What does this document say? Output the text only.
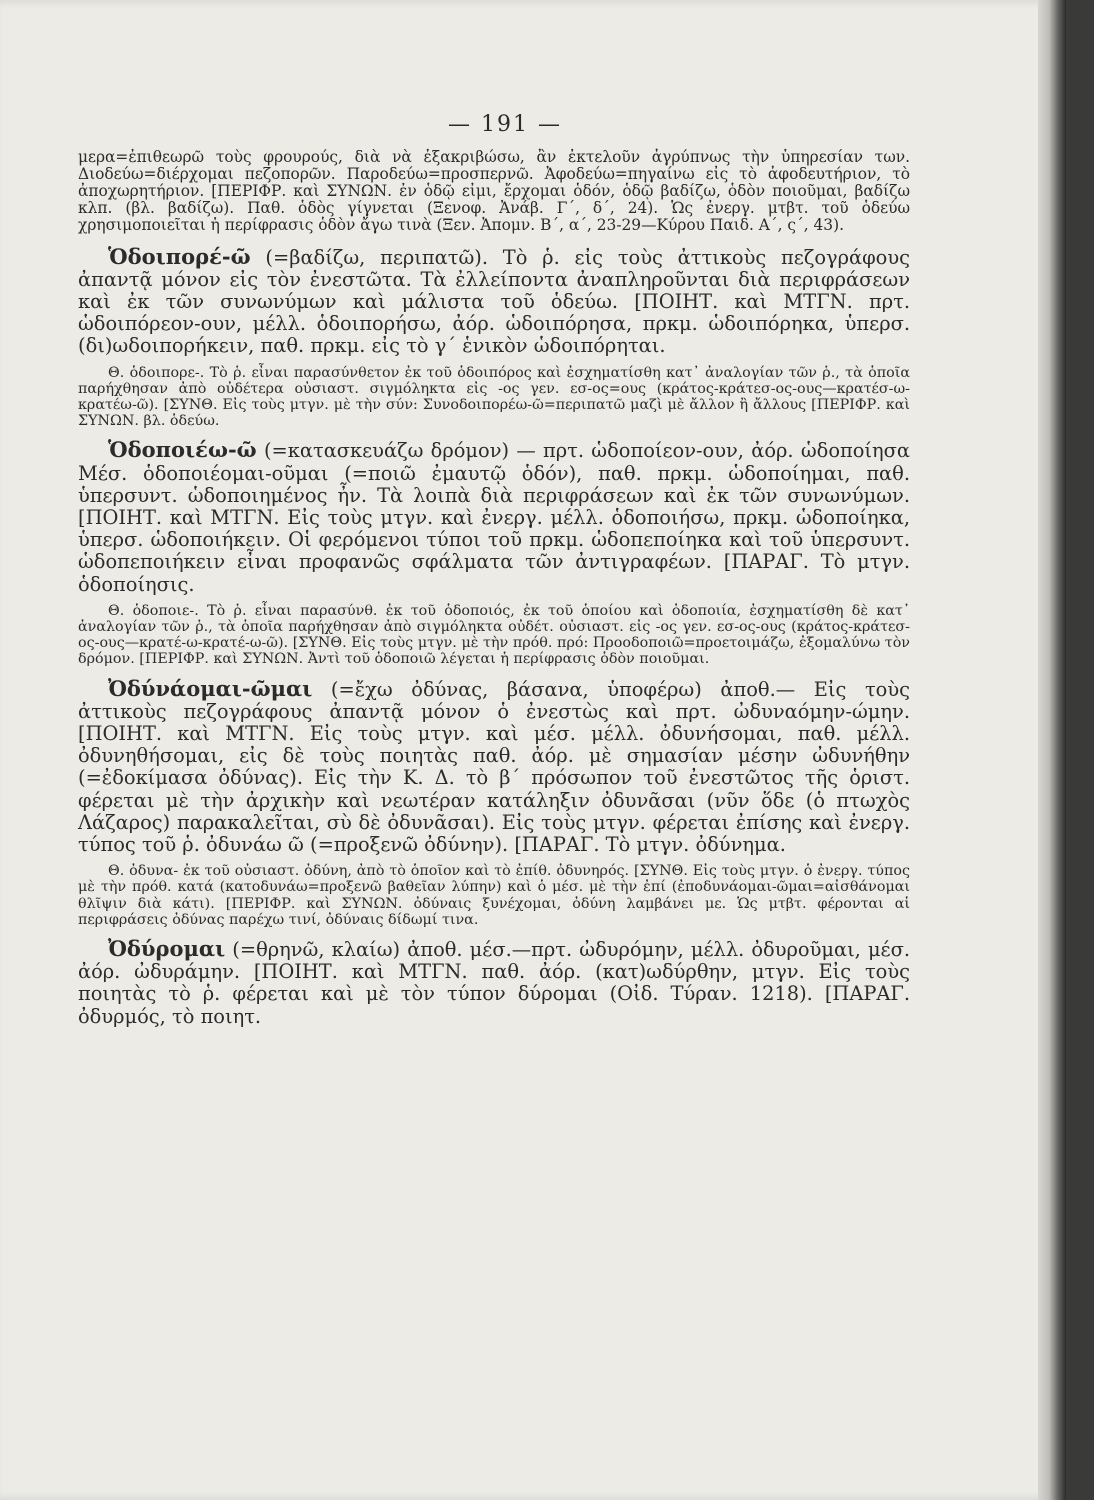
— 191 —

μερα=ἐπιθεωρῶ τοὺς φρουρούς, διὰ νὰ ἐξακριβώσω, ἂν ἐκτελοῦν ἀγρύπνως τὴν ὑπηρεσίαν των. Διοδεύω=διέρχομαι πεζοπορῶν. Παροδεύω=προσπερνῶ. Ἀφοδεύω=πηγαίνω εἰς τὸ ἀφοδευτήριον, τὸ ἀποχωρητήριον. [ΠΕΡΙΦΡ. καὶ ΣΥΝΩΝ. ἐν ὁδῷ εἰμι, ἔρχομαι ὁδόν, ὁδῷ βαδίζω, ὁδὸν ποιοῦμαι, βαδίζω κλπ. (βλ. βαδίζω). Παθ. ὁδὸς γίγνεται (Ξενοφ. Ἀνάβ. Γ΄, δ΄, 24). Ὡς ἐνεργ. μτβτ. τοῦ ὁδεύω χρησιμοποιεῖται ἡ περίφρασις ὁδὸν ἄγω τινὰ (Ξεν. Ἀπομν. Β΄, α΄, 23-29—Κύρου Παιδ. Α΄, ς΄, 43).

Ὁδοιπορέ-ῶ (=βαδίζω, περιπατῶ). Τὸ ῥ. εἰς τοὺς ἀττικοὺς πεζογράφους ἀπαντᾷ μόνον εἰς τὸν ἐνεστῶτα. Τὰ ἐλλείποντα ἀναπληροῦνται διὰ περιφράσεων καὶ ἐκ τῶν συνωνύμων καὶ μάλιστα τοῦ ὁδεύω. [ΠΟΙΗΤ. καὶ ΜΤΓΝ. πρτ. ὡδοιπόρεον-ουν, μέλλ. ὁδοιπορήσω, ἀόρ. ὡδοιπόρησα, πρκμ. ὡδοιπόρηκα, ὑπερσ. (δι)ωδοιπορήκειν, παθ. πρκμ. εἰς τὸ γ΄ ἑνικὸν ὡδοιπόρηται.

Θ. ὁδοιπορε-. Τὸ ῥ. εἶναι παρασύνθετον ἐκ τοῦ ὁδοιπόρος καὶ ἐσχηματίσθη κατ᾽ ἀναλογίαν τῶν ῥ., τὰ ὁποῖα παρήχθησαν ἀπὸ οὐδέτερα οὐσιαστ. σιγμόληκτα εἰς -ος γεν. εσ-ος=ους (κράτος-κράτεσ-ος-ους—κρατέσ-ω-κρατέω-ῶ). [ΣΥΝΘ. Εἰς τοὺς μτγν. μὲ τὴν σύν: Συνοδοιπορέω-ῶ=περιπατῶ μαζὶ μὲ ἄλλον ἢ ἄλλους [ΠΕΡΙΦΡ. καὶ ΣΥΝΩΝ. βλ. ὁδεύω.

Ὁδοποιέω-ῶ (=κατασκευάζω δρόμον) — πρτ. ὡδοποίεον-ουν, ἀόρ. ὡδοποίησα Μέσ. ὁδοποιέομαι-οῦμαι (=ποιῶ ἐμαυτῷ ὁδόν), παθ. πρκμ. ὡδοποίημαι, παθ. ὑπερσυντ. ὡδοποιημένος ἦν. Τὰ λοιπὰ διὰ περιφράσεων καὶ ἐκ τῶν συνωνύμων. [ΠΟΙΗΤ. καὶ ΜΤΓΝ. Εἰς τοὺς μτγν. καὶ ἐνεργ. μέλλ. ὁδοποιήσω, πρκμ. ὡδοποίηκα, ὑπερσ. ὡδοποιήκειν. Οἱ φερόμενοι τύποι τοῦ πρκμ. ὡδοπεποίηκα καὶ τοῦ ὑπερσυντ. ὡδοπεποιήκειν εἶναι προφανῶς σφάλματα τῶν ἀντιγραφέων. [ΠΑΡΑΓ. Τὸ μτγν. ὁδοποίησις.

Θ. ὁδοποιε-. Τὸ ῥ. εἶναι παρασύνθ. ἐκ τοῦ ὁδοποιός, ἐκ τοῦ ὁποίου καὶ ὁδοποιία, ἐσχηματίσθη δὲ κατ᾽ ἀναλογίαν τῶν ῥ., τὰ ὁποῖα παρήχθησαν ἀπὸ σιγμόληκτα οὐδέτ. οὐσιαστ. εἰς -ος γεν. εσ-ος-ους (κράτος-κράτεσ-ος-ους—κρατέ-ω-κρατέ-ω-ῶ). [ΣΥΝΘ. Εἰς τοὺς μτγν. μὲ τὴν πρόθ. πρό: Προοδοποιῶ=προετοιμάζω, ἐξομαλύνω τὸν δρόμον. [ΠΕΡΙΦΡ. καὶ ΣΥΝΩΝ. Ἀντὶ τοῦ ὁδοποιῶ λέγεται ἡ περίφρασις ὁδὸν ποιοῦμαι.

Ὀδύνάομαι-ῶμαι (=ἔχω ὀδύνας, βάσανα, ὑποφέρω) ἀποθ.— Εἰς τοὺς ἀττικοὺς πεζογράφους ἀπαντᾷ μόνον ὁ ἐνεστὼς καὶ πρτ. ὠδυναόμην-ώμην. [ΠΟΙΗΤ. καὶ ΜΤΓΝ. Εἰς τοὺς μτγν. καὶ μέσ. μέλλ. ὀδυνήσομαι, παθ. μέλλ. ὀδυνηθήσομαι, εἰς δὲ τοὺς ποιητὰς παθ. ἀόρ. μὲ σημασίαν μέσην ὠδυνήθην (=ἐδοκίμασα ὀδύνας). Εἰς τὴν Κ. Δ. τὸ β΄ πρόσωπον τοῦ ἐνεστῶτος τῆς ὁριστ. φέρεται μὲ τὴν ἀρχικὴν καὶ νεωτέραν κατάληξιν ὀδυνᾶσαι (νῦν ὅδε (ὁ πτωχὸς Λάζαρος) παρακαλεῖται, σὺ δὲ ὀδυνᾶσαι). Εἰς τοὺς μτγν. φέρεται ἐπίσης καὶ ἐνεργ. τύπος τοῦ ῥ. ὀδυνάω ῶ (=προξενῶ ὀδύνην). [ΠΑΡΑΓ. Τὸ μτγν. ὀδύνημα.

Θ. ὀδυνα- ἐκ τοῦ οὐσιαστ. ὀδύνη, ἀπὸ τὸ ὁποῖον καὶ τὸ ἐπίθ. ὀδυνηρός. [ΣΥΝΘ. Εἰς τοὺς μτγν. ὁ ἐνεργ. τύπος μὲ τὴν πρόθ. κατά (κατοδυνάω=προξενῶ βαθεῖαν λύπην) καὶ ὁ μέσ. μὲ τὴν ἐπί (ἐποδυνάομαι-ῶμαι=αἰσθάνομαι θλῖψιν διὰ κάτι). [ΠΕΡΙΦΡ. καὶ ΣΥΝΩΝ. ὀδύναις ξυνέχομαι, ὀδύνη λαμβάνει με. Ὡς μτβτ. φέρονται αἱ περιφράσεις ὀδύνας παρέχω τινί, ὀδύναις δίδωμί τινα.

Ὀδύρομαι (=θρηνῶ, κλαίω) ἀποθ. μέσ.—πρτ. ὠδυρόμην, μέλλ. ὀδυροῦμαι, μέσ. ἀόρ. ὠδυράμην. [ΠΟΙΗΤ. καὶ ΜΤΓΝ. παθ. ἀόρ. (κατ)ωδύρθην, μτγν. Εἰς τοὺς ποιητὰς τὸ ῥ. φέρεται καὶ μὲ τὸν τύπον δύρομαι (Οἰδ. Τύραν. 1218). [ΠΑΡΑΓ. ὀδυρμός, τὸ ποιητ.
